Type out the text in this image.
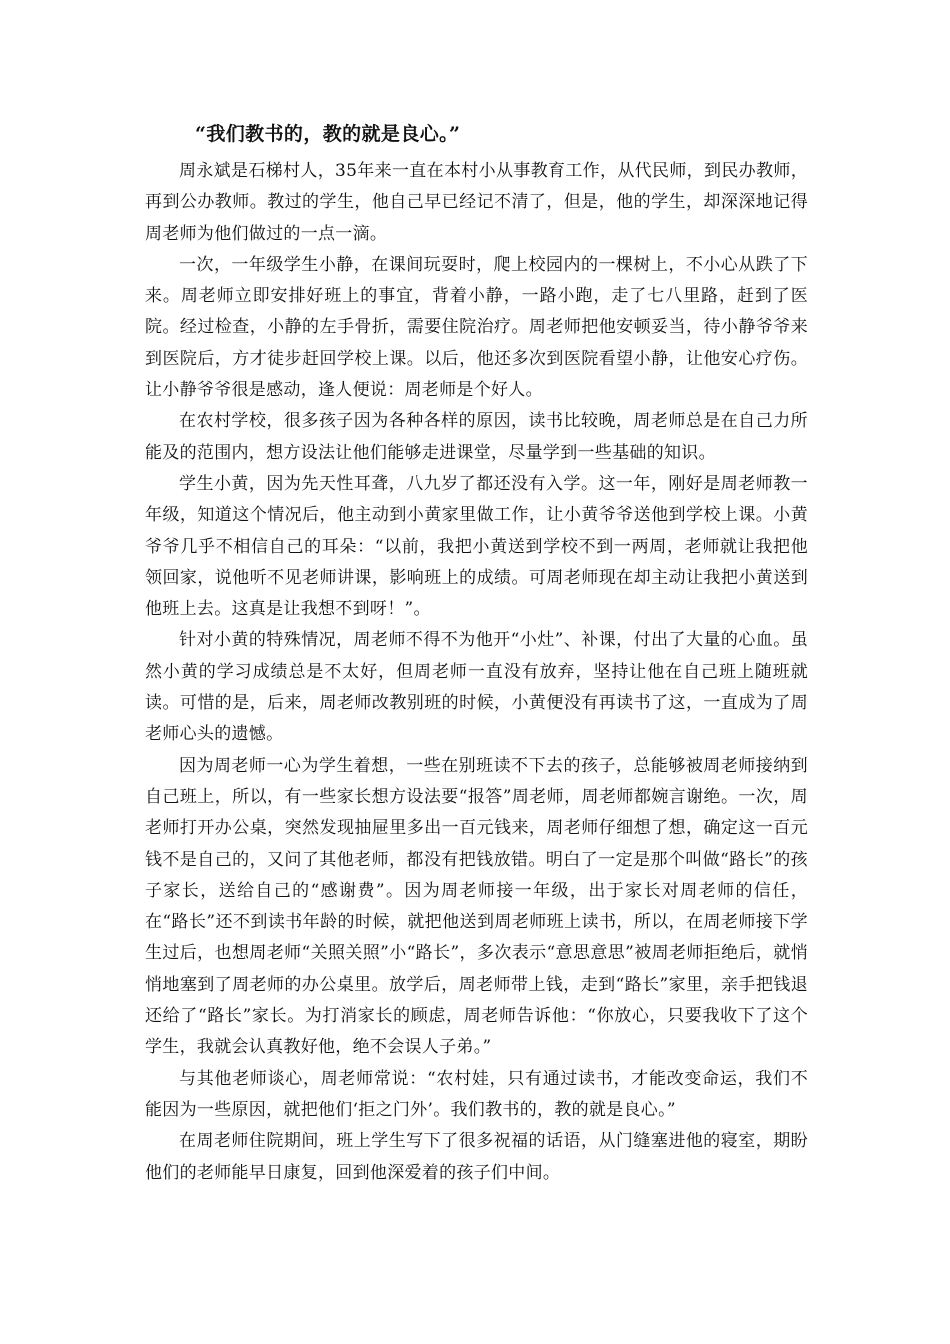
“我们教书的，教的就是良心。”

周永斌是石梯村人，35年来一直在本村小从事教育工作，从代民师，到民办教师，再到公办教师。教过的学生，他自己早已经记不清了，但是，他的学生，却深深地记得周老师为他们做过的一点一滴。

一次，一年级学生小静，在课间玩耍时，爬上校园内的一棵树上，不小心从跌了下来。周老师立即安排好班上的事宜，背着小静，一路小跑，走了七八里路，赶到了医院。经过检查，小静的左手骨折，需要住院治疗。周老师把他安顿妥当，待小静爷爷来到医院后，方才徒步赶回学校上课。以后，他还多次到医院看望小静，让他安心疗伤。让小静爷爷很是感动，逢人便说：周老师是个好人。

在农村学校，很多孩子因为各种各样的原因，读书比较晚，周老师总是在自己力所能及的范围内，想方设法让他们能够走进课堂，尽量学到一些基础的知识。

学生小黄，因为先天性耳聋，八九岁了都还没有入学。这一年，刚好是周老师教一年级，知道这个情况后，他主动到小黄家里做工作，让小黄爷爷送他到学校上课。小黄爷爷几乎不相信自己的耳朵：“以前，我把小黄送到学校不到一两周，老师就让我把他领回家，说他听不见老师讲课，影响班上的成绩。可周老师现在却主动让我把小黄送到他班上去。这真是让我想不到呀！”。

针对小黄的特殊情况，周老师不得不为他开“小灶”、补课，付出了大量的心血。虽然小黄的学习成绩总是不太好，但周老师一直没有放弃，坚持让他在自己班上随班就读。可惜的是，后来，周老师改教别班的时候，小黄便没有再读书了这，一直成为了周老师心头的遗憾。

因为周老师一心为学生着想，一些在别班读不下去的孩子，总能够被周老师接纳到自己班上，所以，有一些家长想方设法要“报答”周老师，周老师都婉言谢绝。一次，周老师打开办公桌，突然发现抽屉里多出一百元钱来，周老师仔细想了想，确定这一百元钱不是自己的，又问了其他老师，都没有把钱放错。明白了一定是那个叫做“路长”的孩子家长，送给自己的“感谢费”。因为周老师接一年级，出于家长对周老师的信任，在“路长”还不到读书年龄的时候，就把他送到周老师班上读书，所以，在周老师接下学生过后，也想周老师“关照关照”小“路长”，多次表示“意思意思”被周老师拒绝后，就悄悄地塞到了周老师的办公桌里。放学后，周老师带上钱，走到“路长”家里，亲手把钱退还给了“路长”家长。为打消家长的顾虑，周老师告诉他：“你放心，只要我收下了这个学生，我就会认真教好他，绝不会误人子弟。”

与其他老师谈心，周老师常说：“农村娃，只有通过读书，才能改变命运，我们不能因为一些原因，就把他们‘拒之门外’。我们教书的，教的就是良心。”

在周老师住院期间，班上学生写下了很多祝福的话语，从门缝塞进他的寝室，期盼他们的老师能早日康复，回到他深爱着的孩子们中间。
